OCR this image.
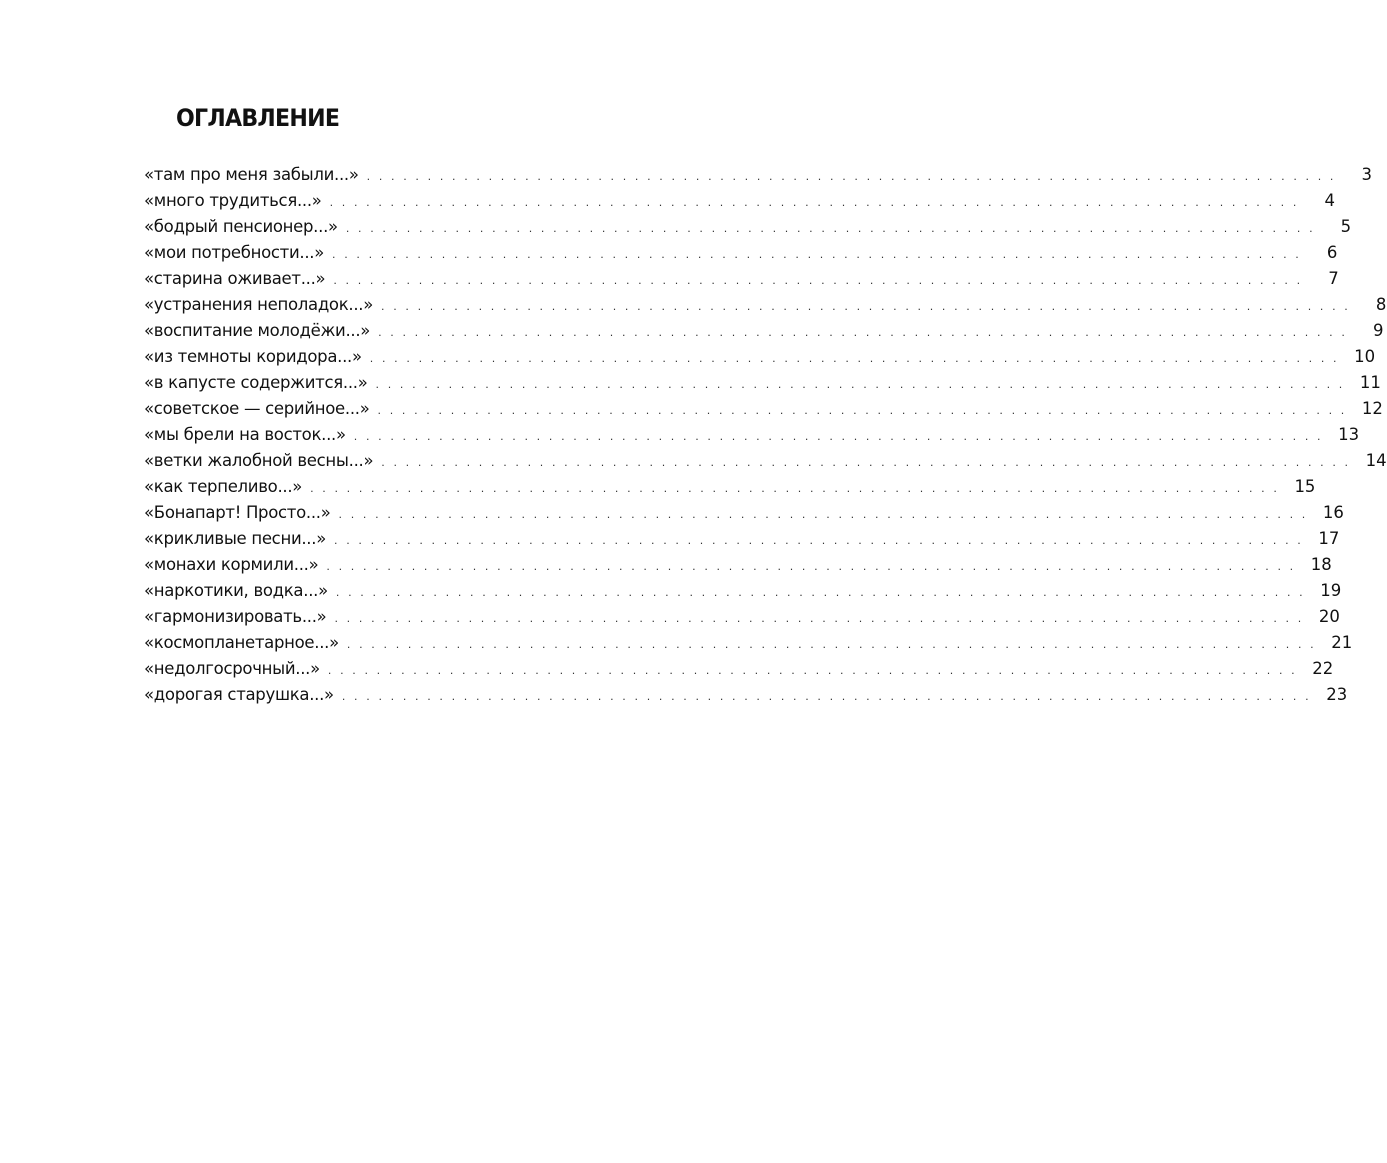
ОГЛАВЛЕНИЕ
«там про меня забыли...» . . . . . . . . . . . . . . . . . . . . . . . . . . . . . . . . . . . . . . . . . . . . . . . . . . . . . . . . . . . . . . . . . . . . . . . . . . . . . . . .	3
«много трудиться...» . . . . . . . . . . . . . . . . . . . . . . . . . . . . . . . . . . . . . . . . . . . . . . . . . . . . . . . . . . . . . . . . . . . . . . . . . . . . . . . .	4
«бодрый пенсионер...» . . . . . . . . . . . . . . . . . . . . . . . . . . . . . . . . . . . . . . . . . . . . . . . . . . . . . . . . . . . . . . . . . . . . . . . . . . . . . . . .	5
«мои потребности...» . . . . . . . . . . . . . . . . . . . . . . . . . . . . . . . . . . . . . . . . . . . . . . . . . . . . . . . . . . . . . . . . . . . . . . . . . . . . . . . .	6
«старина оживает...» . . . . . . . . . . . . . . . . . . . . . . . . . . . . . . . . . . . . . . . . . . . . . . . . . . . . . . . . . . . . . . . . . . . . . . . . . . . . . . . .	7
«устранения неполадок...» . . . . . . . . . . . . . . . . . . . . . . . . . . . . . . . . . . . . . . . . . . . . . . . . . . . . . . . . . . . . . . . . . . . . . . . . . . . . . . . .	8
«воспитание молодёжи...» . . . . . . . . . . . . . . . . . . . . . . . . . . . . . . . . . . . . . . . . . . . . . . . . . . . . . . . . . . . . . . . . . . . . . . . . . . . . . . . .	9
«из темноты коридора...» . . . . . . . . . . . . . . . . . . . . . . . . . . . . . . . . . . . . . . . . . . . . . . . . . . . . . . . . . . . . . . . . . . . . . . . . . . . . . . . . 10
«в капусте содержится...» . . . . . . . . . . . . . . . . . . . . . . . . . . . . . . . . . . . . . . . . . . . . . . . . . . . . . . . . . . . . . . . . . . . . . . . . . . . . . . . . 11
«советское — серийное...» . . . . . . . . . . . . . . . . . . . . . . . . . . . . . . . . . . . . . . . . . . . . . . . . . . . . . . . . . . . . . . . . . . . . . . . . . . . . . . . . 12
«мы брели на восток...» . . . . . . . . . . . . . . . . . . . . . . . . . . . . . . . . . . . . . . . . . . . . . . . . . . . . . . . . . . . . . . . . . . . . . . . . . . . . . . . . 13
«ветки жалобной весны...» . . . . . . . . . . . . . . . . . . . . . . . . . . . . . . . . . . . . . . . . . . . . . . . . . . . . . . . . . . . . . . . . . . . . . . . . . . . . . . . . 14
«как терпеливо...» . . . . . . . . . . . . . . . . . . . . . . . . . . . . . . . . . . . . . . . . . . . . . . . . . . . . . . . . . . . . . . . . . . . . . . . . . . . . . . . . 15
«Бонапарт! Просто...» . . . . . . . . . . . . . . . . . . . . . . . . . . . . . . . . . . . . . . . . . . . . . . . . . . . . . . . . . . . . . . . . . . . . . . . . . . . . . . . . 16
«крикливые песни...» . . . . . . . . . . . . . . . . . . . . . . . . . . . . . . . . . . . . . . . . . . . . . . . . . . . . . . . . . . . . . . . . . . . . . . . . . . . . . . . . 17
«монахи кормили...» . . . . . . . . . . . . . . . . . . . . . . . . . . . . . . . . . . . . . . . . . . . . . . . . . . . . . . . . . . . . . . . . . . . . . . . . . . . . . . . . 18
«наркотики, водка...» . . . . . . . . . . . . . . . . . . . . . . . . . . . . . . . . . . . . . . . . . . . . . . . . . . . . . . . . . . . . . . . . . . . . . . . . . . . . . . . . 19
«гармонизировать...» . . . . . . . . . . . . . . . . . . . . . . . . . . . . . . . . . . . . . . . . . . . . . . . . . . . . . . . . . . . . . . . . . . . . . . . . . . . . . . . . 20
«космопланетарное...» . . . . . . . . . . . . . . . . . . . . . . . . . . . . . . . . . . . . . . . . . . . . . . . . . . . . . . . . . . . . . . . . . . . . . . . . . . . . . . . . 21
«недолгосрочный...» . . . . . . . . . . . . . . . . . . . . . . . . . . . . . . . . . . . . . . . . . . . . . . . . . . . . . . . . . . . . . . . . . . . . . . . . . . . . . . . . 22
«дорогая старушка...» . . . . . . . . . . . . . . . . . . . . . . . . . . . . . . . . . . . . . . . . . . . . . . . . . . . . . . . . . . . . . . . . . . . . . . . . . . . . . . . . 23
